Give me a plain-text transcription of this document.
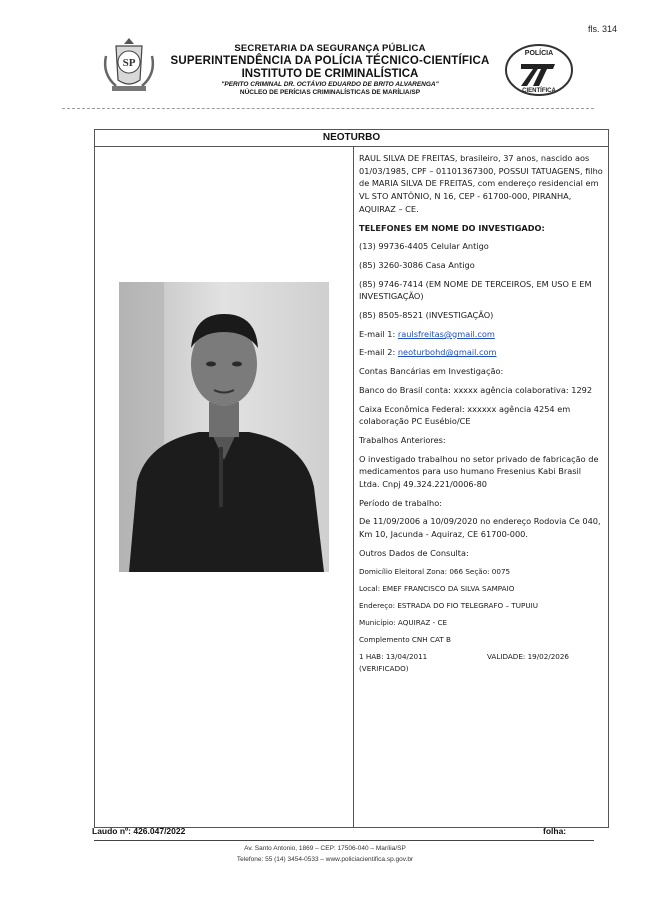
fls. 314
SP
SECRETARIA DA SEGURANÇA PÚBLICA
SUPERINTENDÊNCIA DA POLÍCIA TÉCNICO-CIENTÍFICA
INSTITUTO DE CRIMINALÍSTICA
"PERITO CRIMINAL DR. OCTÁVIO EDUARDO DE BRITO ALVARENGA"
NÚCLEO DE PERÍCIAS CRIMINALÍSTICAS DE MARÍLIA/SP
POLÍCIA
CIENTÍFICA
NEOTURBO

RAUL SILVA DE FREITAS, brasileiro, 37 anos, nascido aos 01/03/1985, CPF – 01101367300, POSSUI TATUAGENS, filho de MARIA SILVA DE FREITAS, com endereço residencial em VL STO ANTÔNIO, N 16, CEP - 61700-000, PIRANHA, AQUIRAZ – CE.

TELEFONES EM NOME DO INVESTIGADO:

(13) 99736-4405 Celular Antigo

(85) 3260-3086 Casa Antigo

(85) 9746-7414 (EM NOME DE TERCEIROS, EM USO E EM INVESTIGAÇÃO)

(85) 8505-8521 (INVESTIGAÇÃO)

E-mail 1: raulsfreitas@gmail.com

E-mail 2: neoturbohd@gmail.com

Contas Bancárias em Investigação:

Banco do Brasil conta: xxxxx agência colaborativa: 1292

Caixa Econômica Federal: xxxxxx agência 4254 em colaboração PC Eusébio/CE

Trabalhos Anteriores:

O investigado trabalhou no setor privado de fabricação de medicamentos para uso humano Fresenius Kabi Brasil Ltda. Cnpj 49.324.221/0006-80

Período de trabalho:

De 11/09/2006 a 10/09/2020 no endereço Rodovia Ce 040, Km 10, Jacunda - Aquiraz, CE 61700-000.

Outros Dados de Consulta:

Domicílio Eleitoral Zona: 066 Seção: 0075

Local: EMEF FRANCISCO DA SILVA SAMPAIO

Endereço: ESTRADA DO FIO TELEGRAFO – TUPUIU

Município: AQUIRAZ - CE

Complemento CNH CAT B

1 HAB: 13/04/2011	VALIDADE: 19/02/2026
(VERIFICADO)
Laudo nº: 426.047/2022	folha:
Av. Santo Antonio, 1869 – CEP: 17506-040 – Marília/SP
Telefone: 55 (14) 3454-0533 – www.policiacientifica.sp.gov.br
